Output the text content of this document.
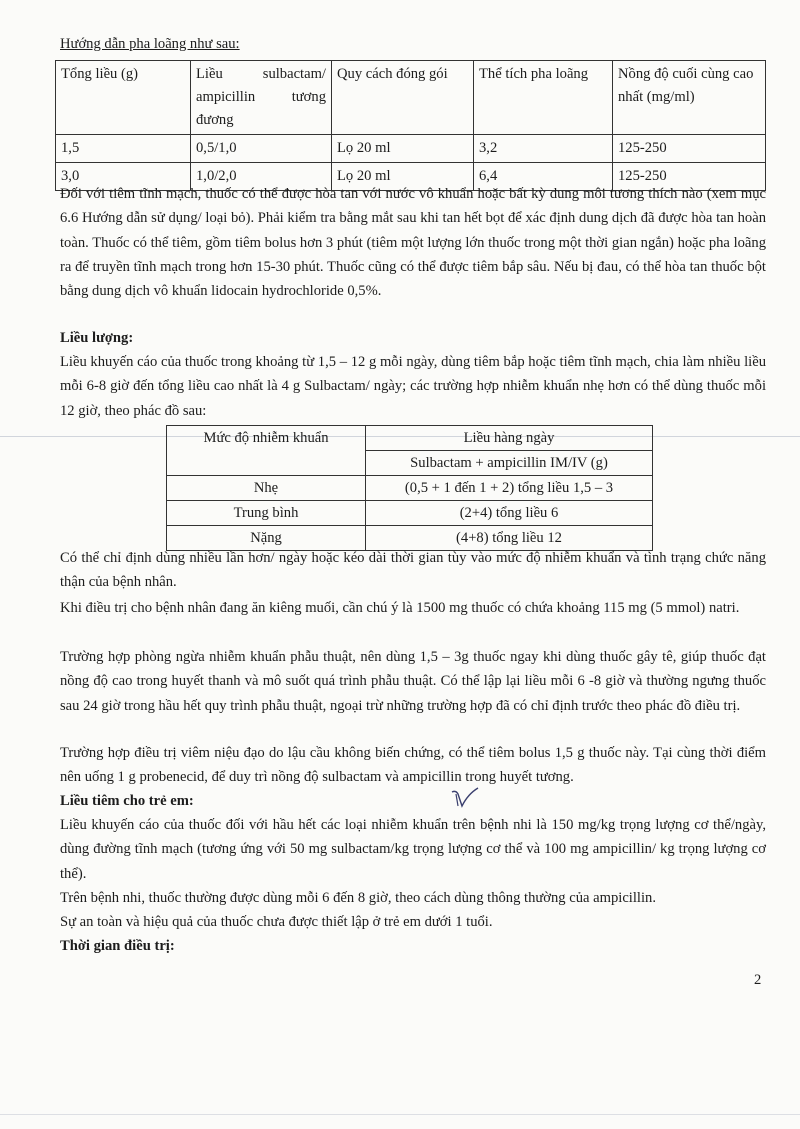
Hướng dẫn pha loãng như sau:
Tổng liều (g)	Liều sulbactam/ ampicillin tương đương	Quy cách đóng gói	Thể tích pha loãng	Nồng độ cuối cùng cao nhất (mg/ml)
1,5	0,5/1,0	Lọ 20 ml	3,2	125-250
3,0	1,0/2,0	Lọ 20 ml	6,4	125-250

Đối với tiêm tĩnh mạch, thuốc có thể được hòa tan với nước vô khuẩn hoặc bất kỳ dung môi tương thích nào (xem mục 6.6 Hướng dẫn sử dụng/ loại bỏ). Phải kiểm tra bằng mắt sau khi tan hết bọt để xác định dung dịch đã được hòa tan hoàn toàn. Thuốc có thể tiêm, gồm tiêm bolus hơn 3 phút (tiêm một lượng lớn thuốc trong một thời gian ngắn) hoặc pha loãng ra để truyền tĩnh mạch trong hơn 15-30 phút. Thuốc cũng có thể được tiêm bắp sâu. Nếu bị đau, có thể hòa tan thuốc bột bằng dung dịch vô khuẩn lidocain hydrochloride 0,5%.

Liều lượng:

Liều khuyến cáo của thuốc trong khoảng từ 1,5 – 12 g mỗi ngày, dùng tiêm bắp hoặc tiêm tĩnh mạch, chia làm nhiều liều mỗi 6-8 giờ đến tổng liều cao nhất là 4 g Sulbactam/ ngày; các trường hợp nhiễm khuẩn nhẹ hơn có thể dùng thuốc mỗi 12 giờ, theo phác đồ sau:

Mức độ nhiễm khuẩn	Liều hàng ngày
	Sulbactam + ampicillin IM/IV (g)
Nhẹ	(0,5 + 1 đến 1 + 2) tổng liều 1,5 – 3
Trung bình	(2+4) tổng liều 6
Nặng	(4+8) tổng liều 12

Có thể chỉ định dùng nhiều lần hơn/ ngày hoặc kéo dài thời gian tùy vào mức độ nhiễm khuẩn và tình trạng chức năng thận của bệnh nhân.

Khi điều trị cho bệnh nhân đang ăn kiêng muối, cần chú ý là 1500 mg thuốc có chứa khoảng 115 mg (5 mmol) natri.

Trường hợp phòng ngừa nhiễm khuẩn phẫu thuật, nên dùng 1,5 – 3g thuốc ngay khi dùng thuốc gây tê, giúp thuốc đạt nồng độ cao trong huyết thanh và mô suốt quá trình phẫu thuật. Có thể lập lại liều mỗi 6 -8 giờ và thường ngưng thuốc sau 24 giờ trong hầu hết quy trình phẫu thuật, ngoại trừ những trường hợp đã có chỉ định trước theo phác đồ điều trị.

Trường hợp điều trị viêm niệu đạo do lậu cầu không biến chứng, có thể tiêm bolus 1,5 g thuốc này. Tại cùng thời điểm nên uống 1 g probenecid, để duy trì nồng độ sulbactam và ampicillin trong huyết tương.

Liều tiêm cho trẻ em:

Liều khuyến cáo của thuốc đối với hầu hết các loại nhiễm khuẩn trên bệnh nhi là 150 mg/kg trọng lượng cơ thể/ngày, dùng đường tĩnh mạch (tương ứng với 50 mg sulbactam/kg trọng lượng cơ thể và 100 mg ampicillin/ kg trọng lượng cơ thể).

Trên bệnh nhi, thuốc thường được dùng mỗi 6 đến 8 giờ, theo cách dùng thông thường của ampicillin.

Sự an toàn và hiệu quả của thuốc chưa được thiết lập ở trẻ em dưới 1 tuổi.

Thời gian điều trị:
2
